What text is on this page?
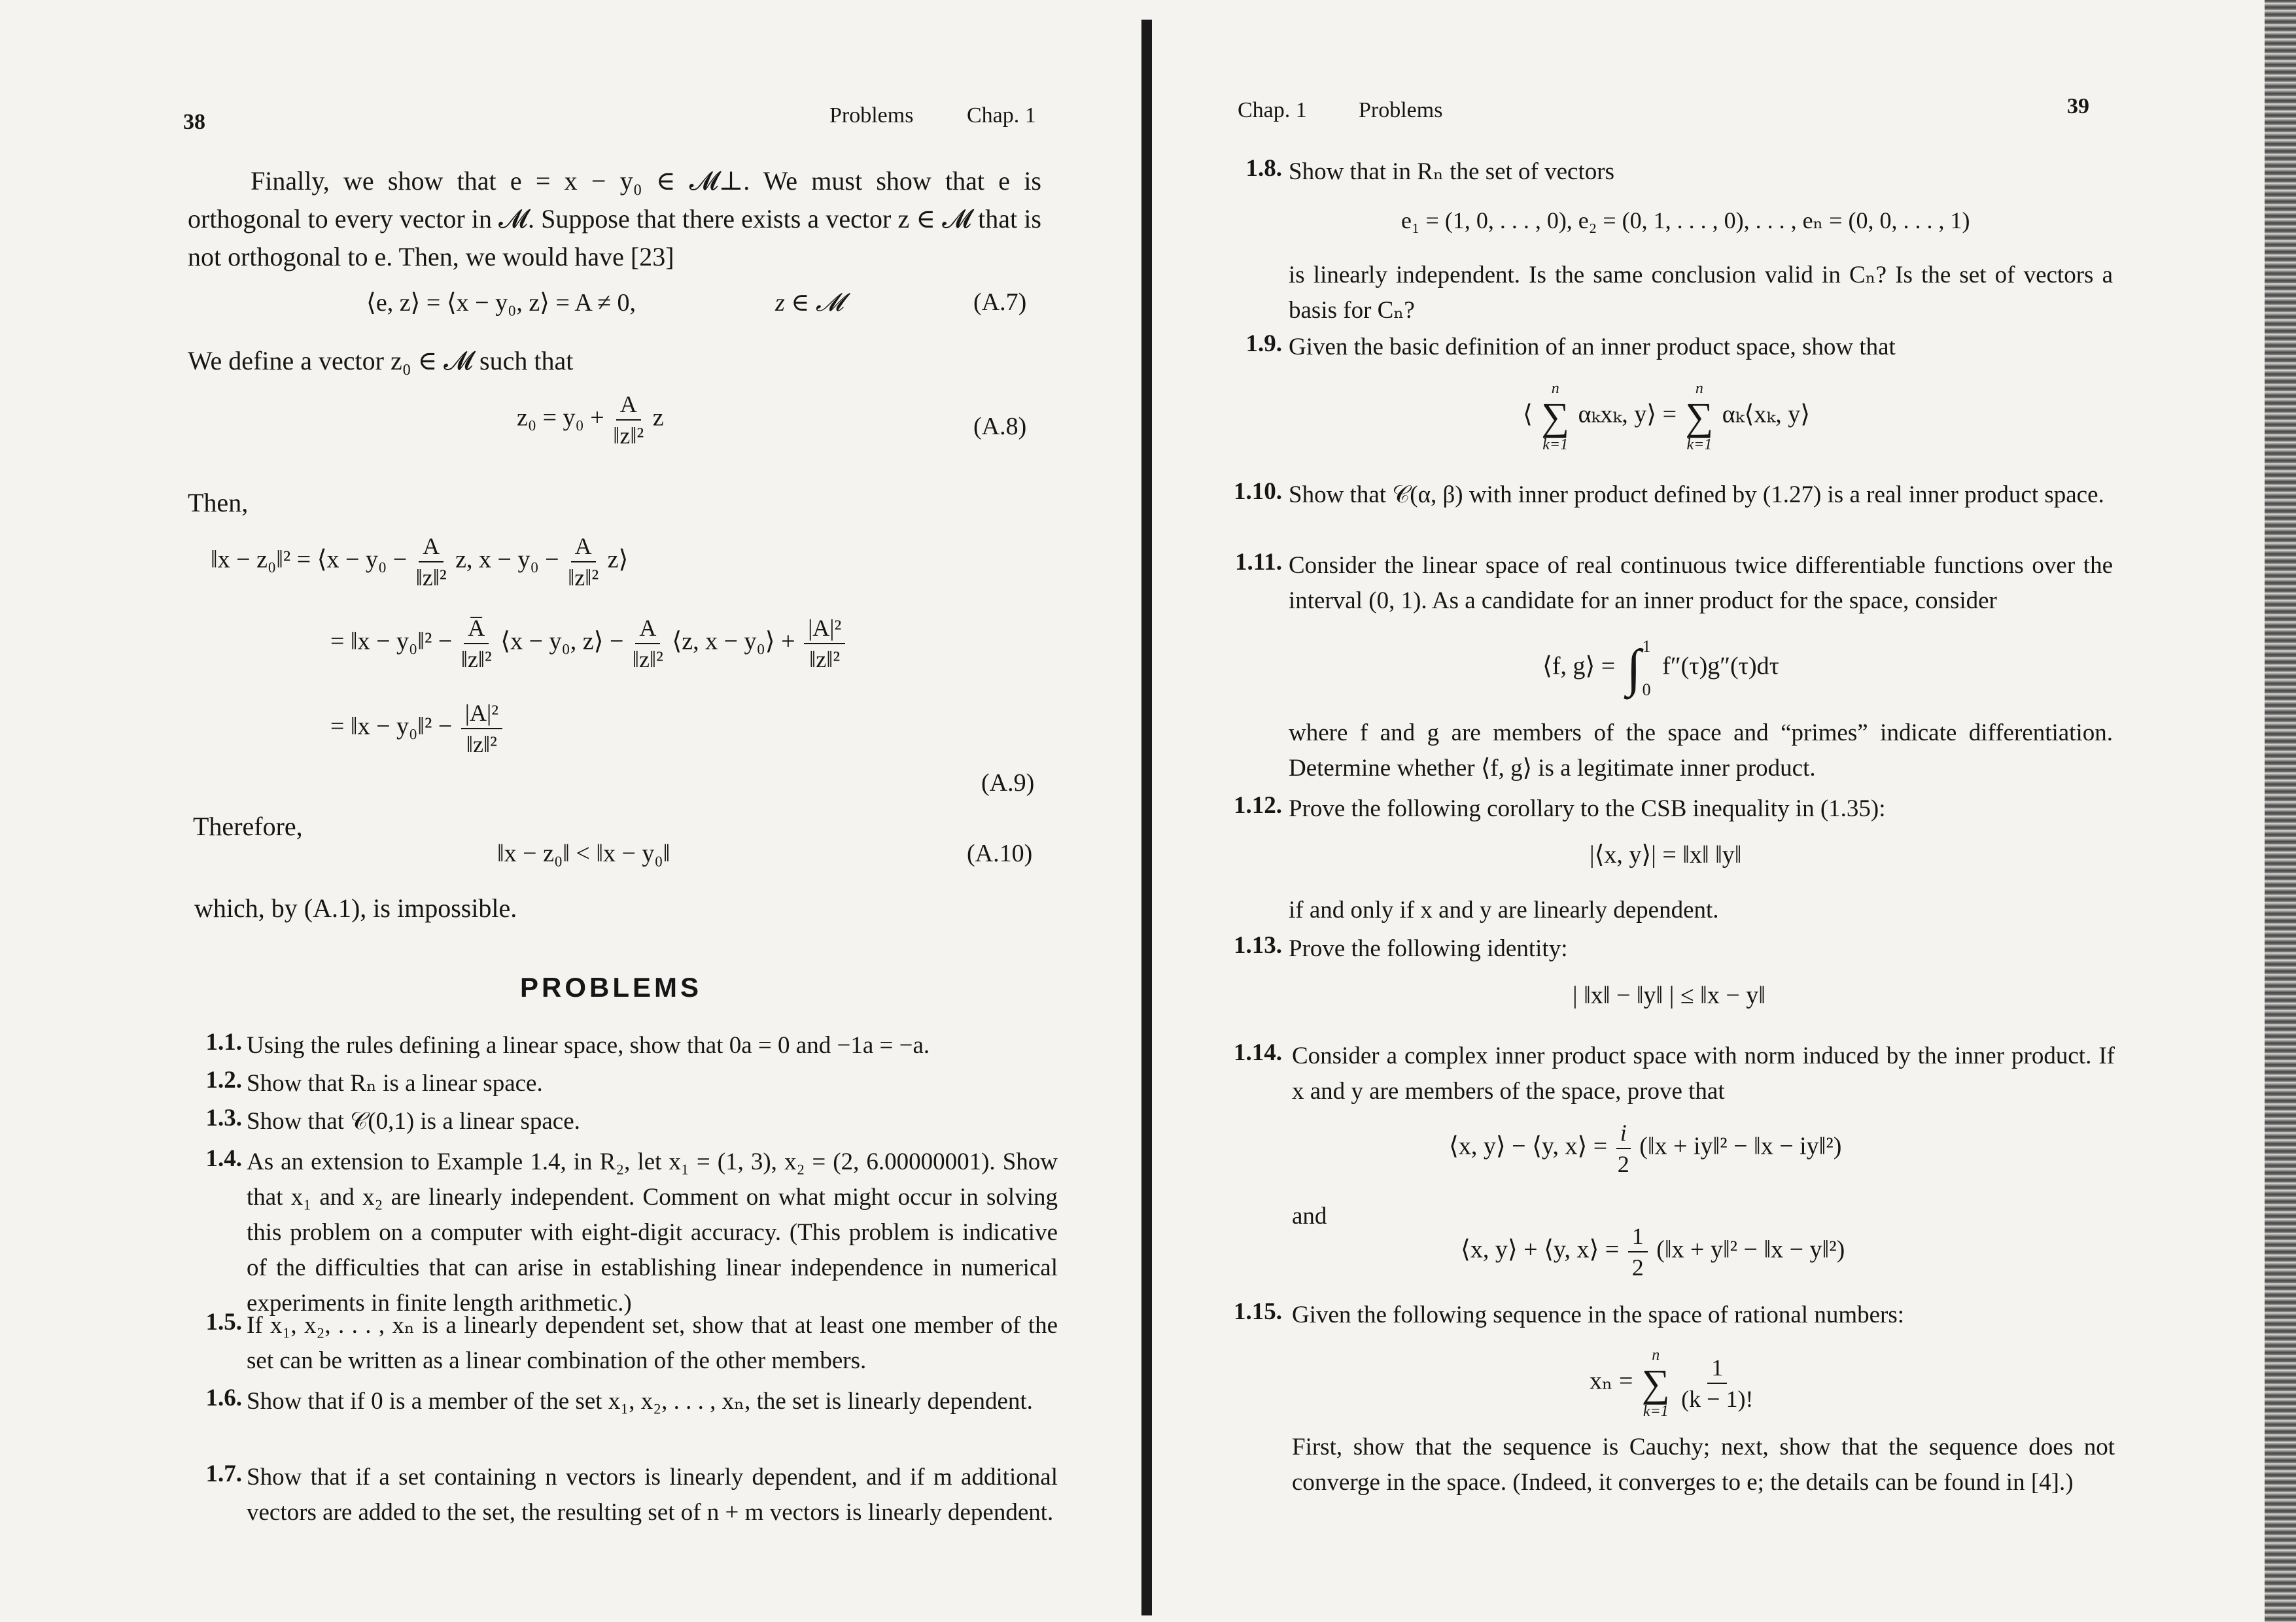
38	Problems Chap. 1
Finally, we show that e = x − y₀ ∈ 𝓜⊥. We must show that e is orthogonal to every vector in 𝓜. Suppose that there exists a vector z ∈ 𝓜 that is not orthogonal to e. Then, we would have [23]
⟨e, z⟩ = ⟨x − y₀, z⟩ = A ≠ 0,	z ∈ 𝓜	(A.7)
We define a vector z₀ ∈ 𝓜 such that
$z_0 = y_0 + \frac{A}{\text{‖z‖²}}$ z	(A.8)
Then,
‖x − z₀‖² = ⟨x − $y_0 - \frac{A}{\text{‖z‖²}} z$, $x - y_0 - \frac{A}{\text{‖z‖²}}$ z⟩
= ‖x − y₀‖² − $\frac{A̅}{\text{‖z‖²}}$ ⟨x − y₀, z⟩ − $\frac{A}{\text{‖z‖²}}$ ⟨z, x − y₀⟩ + $\frac{\text{|A|²}}{\text{‖z‖²}}$
= ‖x − y₀‖² − $\frac{\text{|A|²}}{\text{‖z‖²}}$
(A.9)
Therefore,
‖x − z₀‖ < ‖x − y₀‖	(A.10)
which, by (A.1), is impossible.
PROBLEMS
1.1. Using the rules defining a linear space, show that 0a = 0 and −1a = −a.
1.2. Show that Rₙ is a linear space.
1.3. Show that 𝒞(0,1) is a linear space.
1.4. As an extension to Example 1.4, in R₂, let x₁ = (1, 3), x₂ = (2, 6.00000001). Show that x₁ and x₂ are linearly independent. Comment on what might occur in solving this problem on a computer with eight-digit accuracy. (This problem is indicative of the difficulties that can arise in establishing linear independence in numerical experiments in finite length arithmetic.)
1.5. If x₁, x₂, . . . , xₙ is a linearly dependent set, show that at least one member of the set can be written as a linear combination of the other members.
1.6. Show that if 0 is a member of the set x₁, x₂, . . . , xₙ, the set is linearly dependent.
1.7. Show that if a set containing n vectors is linearly dependent, and if m additional vectors are added to the set, the resulting set of n + m vectors is linearly dependent.
Chap. 1 Problems	39
1.8. Show that in Rₙ the set of vectors
e₁ = (1, 0, . . . , 0), e₂ = (0, 1, . . . , 0), . . . , eₙ = (0, 0, . . . , 1)
is linearly independent. Is the same conclusion valid in Cₙ? Is the set of vectors a basis for Cₙ?
1.9. Given the basic definition of an inner product space, show that
⟨
n
∑
k=1
αₖxₖ, y⟩ =
n
∑
k=1
αₖ⟨xₖ, y⟩
1.10. Show that 𝒞(α, β) with inner product defined by (1.27) is a real inner product space.
1.11. Consider the linear space of real continuous twice differentiable functions over the interval (0, 1). As a candidate for an inner product for the space, consider
⟨f, g⟩ = ∫ 1
0
f″(τ)g″(τ)dτ
where f and g are members of the space and “primes” indicate differentiation. Determine whether ⟨f, g⟩ is a legitimate inner product.
1.12. Prove the following corollary to the CSB inequality in (1.35):
|⟨x, y⟩| = ‖x‖ ‖y‖
if and only if x and y are linearly dependent.
1.13. Prove the following identity:
| ‖x‖ − ‖y‖ | ≤ ‖x − y‖
1.14. Consider a complex inner product space with norm induced by the inner product. If x and y are members of the space, prove that
⟨x, y⟩ − ⟨y, x⟩ = $\frac{i}{2}$ (‖x + iy‖² − ‖x − iy‖²)
and
⟨x, y⟩ + ⟨y, x⟩ = $\frac{1}{2}$ (‖x + y‖² − ‖x − y‖²)
1.15. Given the following sequence in the space of rational numbers:
xₙ =
n
∑
k=1
$\frac{1}{(k - 1)!}$
First, show that the sequence is Cauchy; next, show that the sequence does not converge in the space. (Indeed, it converges to e; the details can be found in [4].)
